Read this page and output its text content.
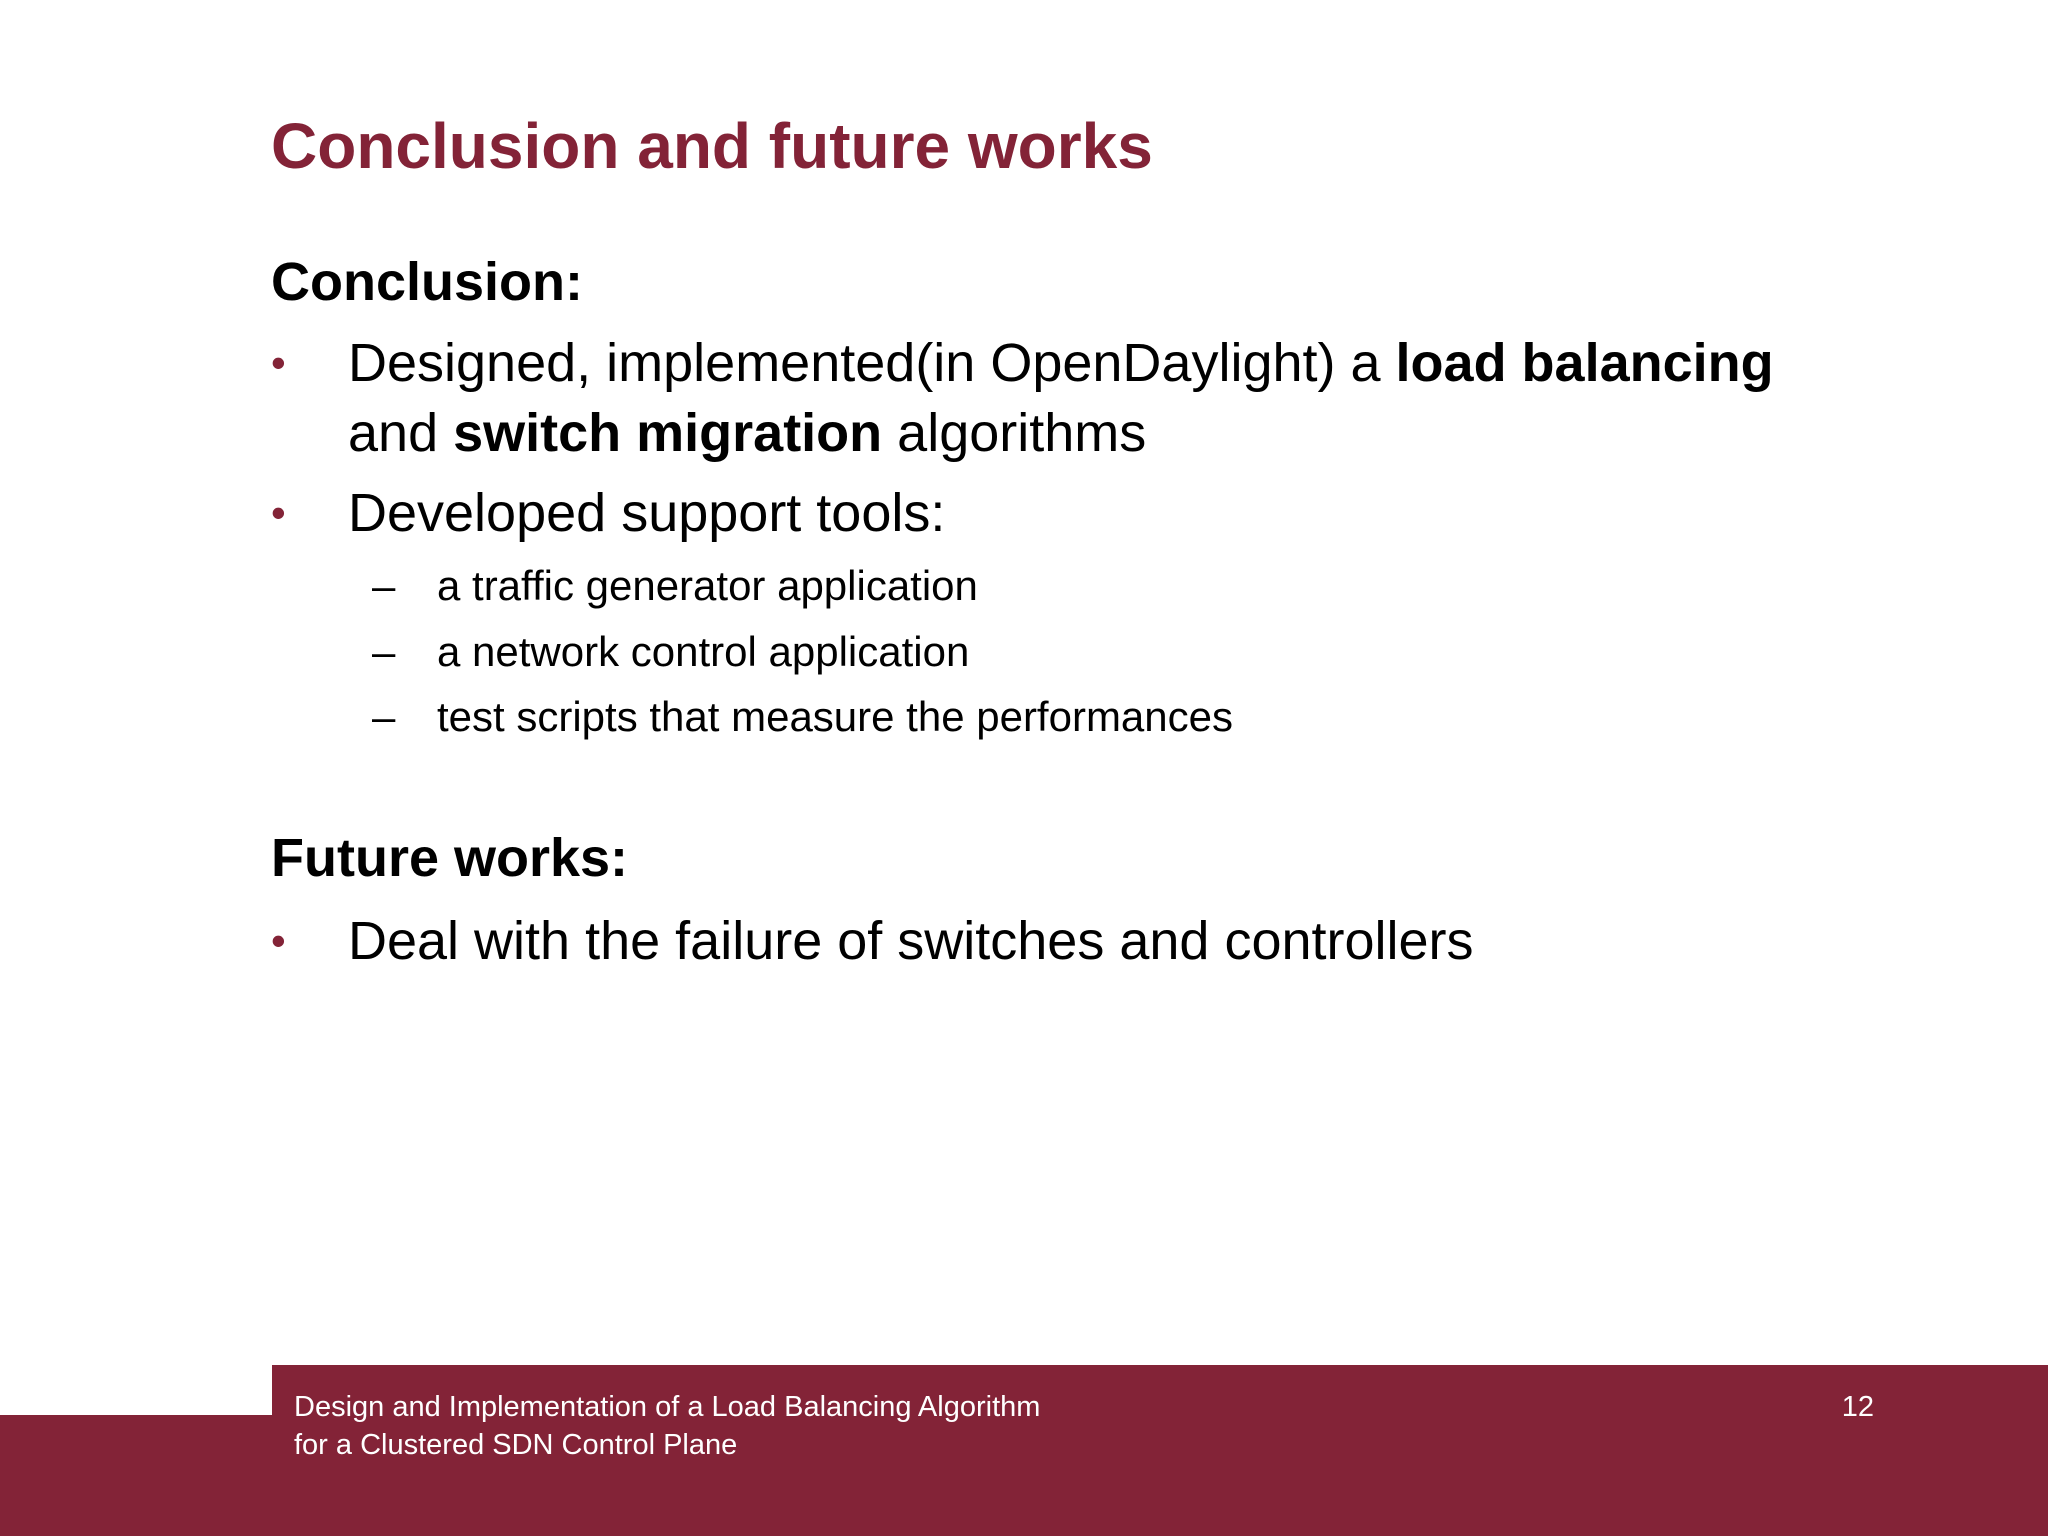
Conclusion and future works
Conclusion:
• Designed, implemented(in OpenDaylight) a load balancing
and switch migration algorithms
• Developed support tools:
– a traffic generator application
– a network control application
– test scripts that measure the performances
Future works:
• Deal with the failure of switches and controllers
Design and Implementation of a Load Balancing Algorithm
for a Clustered SDN Control Plane
12
